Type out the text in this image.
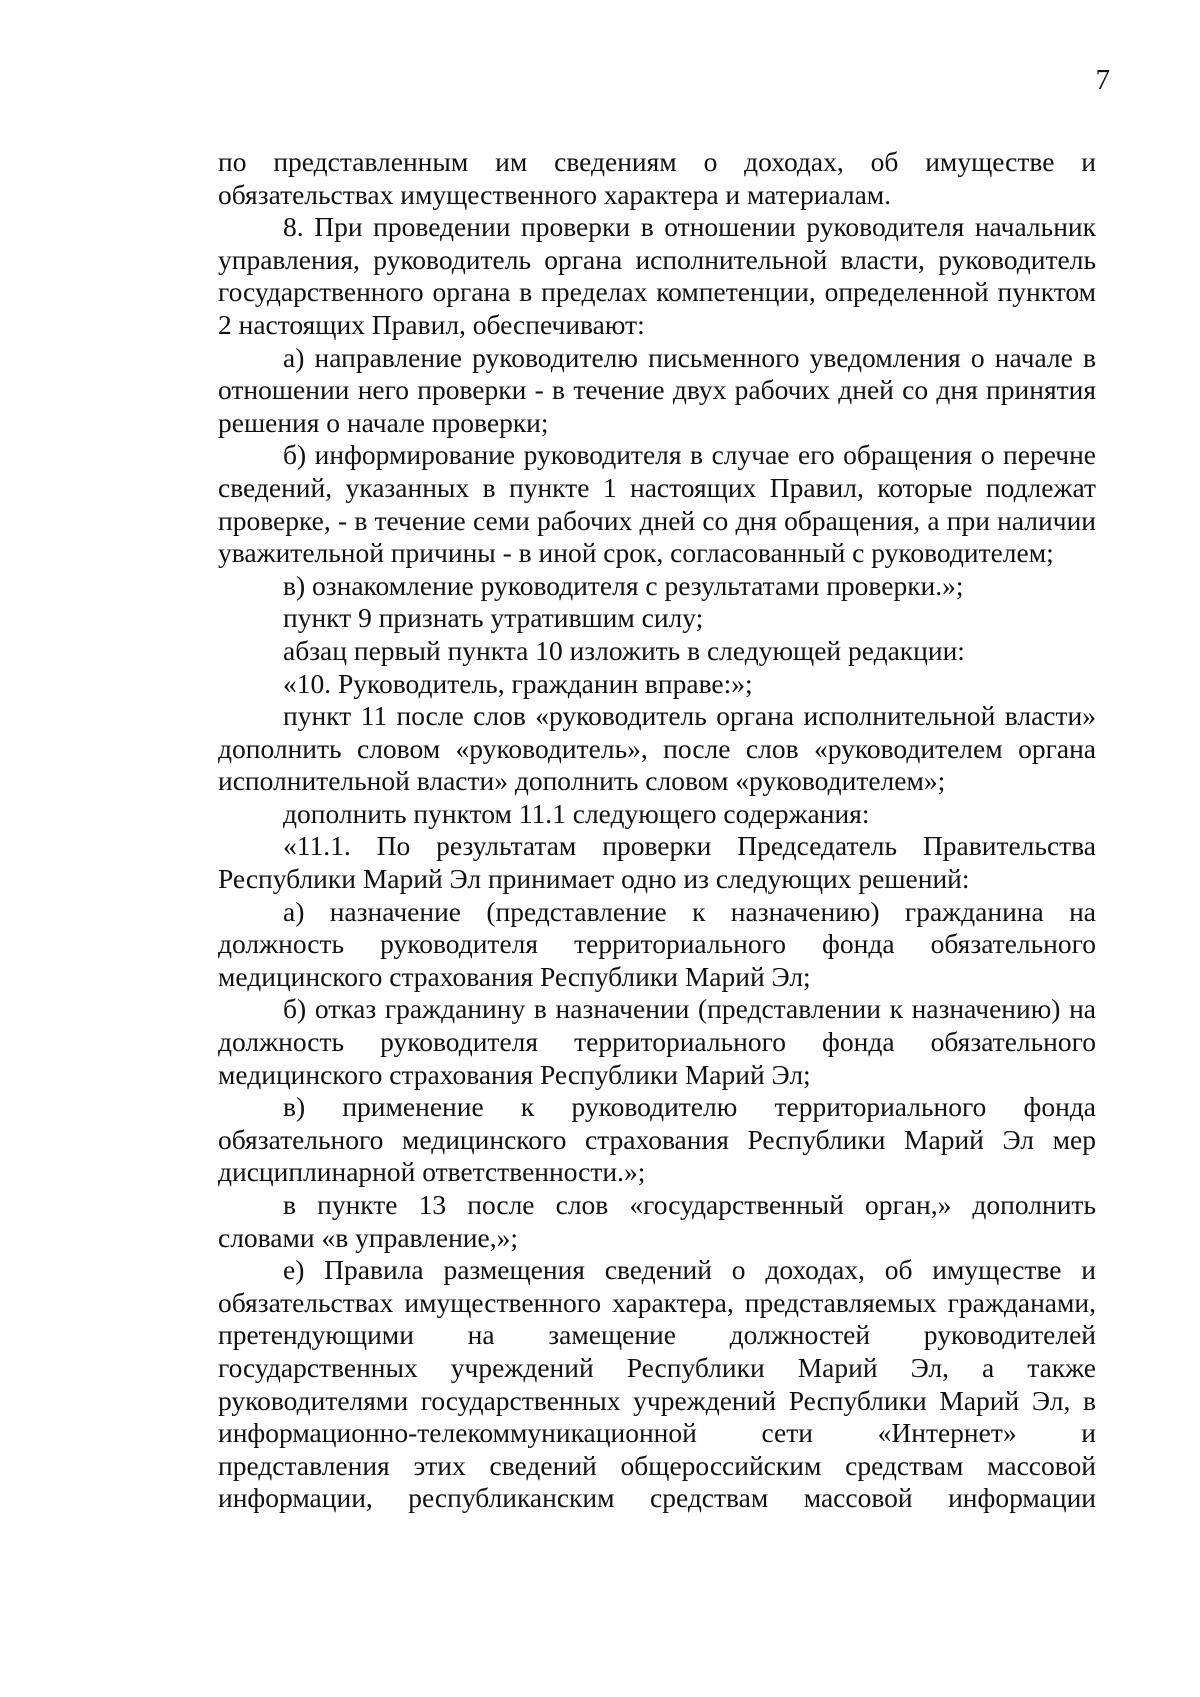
7

по представленным им сведениям о доходах, об имуществе и обязательствах имущественного характера и материалам.

8. При проведении проверки в отношении руководителя начальник управления, руководитель органа исполнительной власти, руководитель государственного органа в пределах компетенции, определенной пунктом 2 настоящих Правил, обеспечивают:

а) направление руководителю письменного уведомления о начале в отношении него проверки - в течение двух рабочих дней со дня принятия решения о начале проверки;

б) информирование руководителя в случае его обращения о перечне сведений, указанных в пункте 1 настоящих Правил, которые подлежат проверке, - в течение семи рабочих дней со дня обращения, а при наличии уважительной причины - в иной срок, согласованный с руководителем;

в) ознакомление руководителя с результатами проверки.»;

пункт 9 признать утратившим силу;

абзац первый пункта 10 изложить в следующей редакции:

«10. Руководитель, гражданин вправе:»;

пункт 11 после слов «руководитель органа исполнительной власти» дополнить словом «руководитель», после слов «руководителем органа исполнительной власти» дополнить словом «руководителем»;

дополнить пунктом 11.1 следующего содержания:

«11.1. По результатам проверки Председатель Правительства Республики Марий Эл принимает одно из следующих решений:

а) назначение (представление к назначению) гражданина на должность руководителя территориального фонда обязательного медицинского страхования Республики Марий Эл;

б) отказ гражданину в назначении (представлении к назначению) на должность руководителя территориального фонда обязательного медицинского страхования Республики Марий Эл;

в) применение к руководителю территориального фонда обязательного медицинского страхования Республики Марий Эл мер дисциплинарной ответственности.»;

в пункте 13 после слов «государственный орган,» дополнить словами «в управление,»;

е) Правила размещения сведений о доходах, об имуществе и обязательствах имущественного характера, представляемых гражданами, претендующими на замещение должностей руководителей государственных учреждений Республики Марий Эл, а также руководителями государственных учреждений Республики Марий Эл, в информационно-телекоммуникационной сети «Интернет» и представления этих сведений общероссийским средствам массовой информации, республиканским средствам массовой информации
